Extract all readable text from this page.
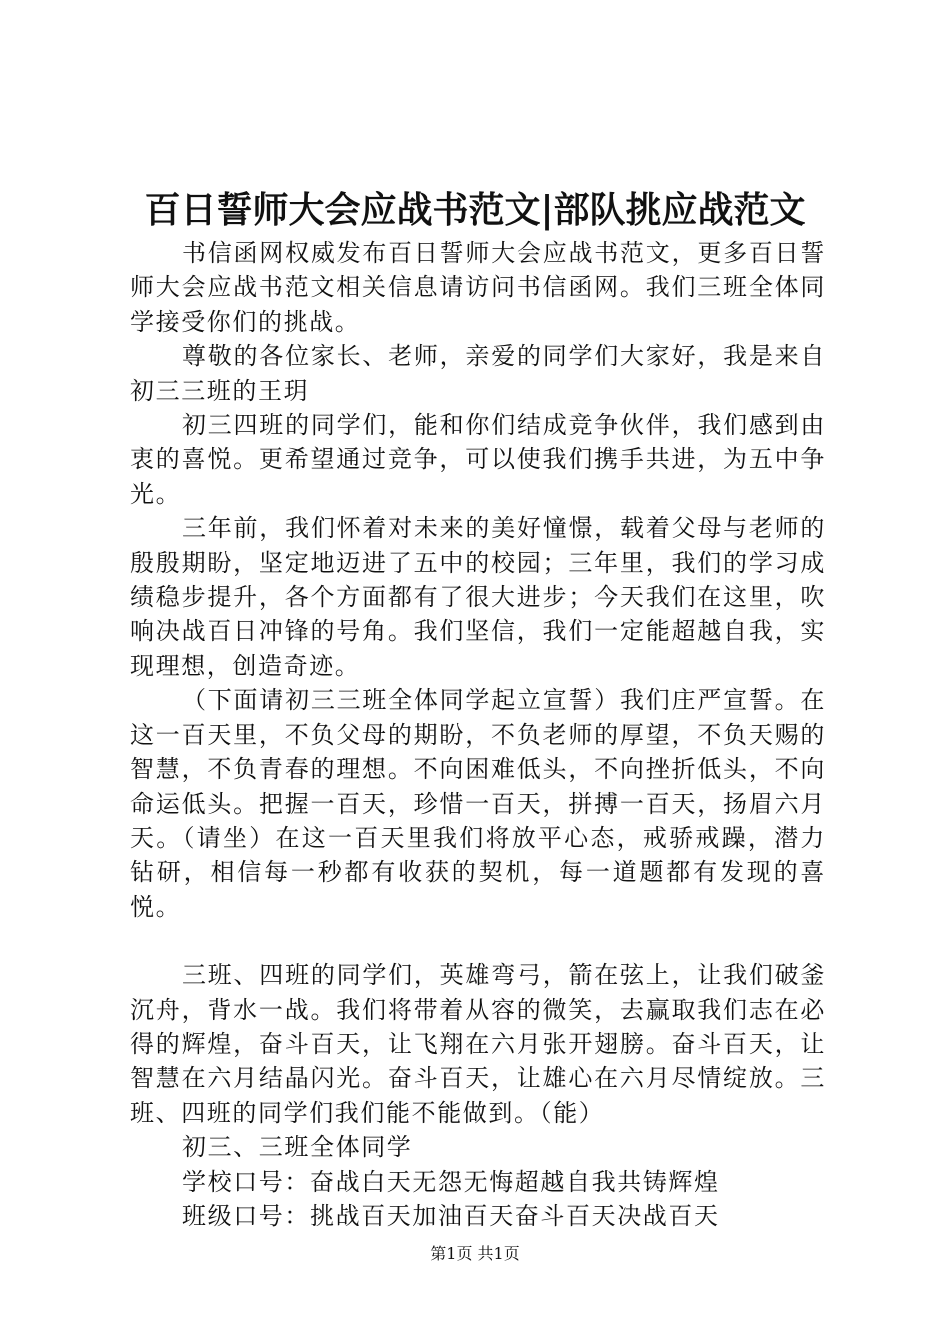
百日誓师大会应战书范文|部队挑应战范文

书信函网权威发布百日誓师大会应战书范文，更多百日誓师大会应战书范文相关信息请访问书信函网。我们三班全体同学接受你们的挑战。

尊敬的各位家长、老师，亲爱的同学们大家好，我是来自初三三班的王玥

初三四班的同学们，能和你们结成竞争伙伴，我们感到由衷的喜悦。更希望通过竞争，可以使我们携手共进，为五中争光。

三年前，我们怀着对未来的美好憧憬，载着父母与老师的殷殷期盼，坚定地迈进了五中的校园；三年里，我们的学习成绩稳步提升，各个方面都有了很大进步；今天我们在这里，吹响决战百日冲锋的号角。我们坚信，我们一定能超越自我，实现理想，创造奇迹。

（下面请初三三班全体同学起立宣誓）我们庄严宣誓。在这一百天里，不负父母的期盼，不负老师的厚望，不负天赐的智慧，不负青春的理想。不向困难低头，不向挫折低头，不向命运低头。把握一百天，珍惜一百天，拼搏一百天，扬眉六月天。（请坐）在这一百天里我们将放平心态，戒骄戒躁，潜力钻研，相信每一秒都有收获的契机，每一道题都有发现的喜悦。

三班、四班的同学们，英雄弯弓，箭在弦上，让我们破釜沉舟，背水一战。我们将带着从容的微笑，去赢取我们志在必得的辉煌，奋斗百天，让飞翔在六月张开翅膀。奋斗百天，让智慧在六月结晶闪光。奋斗百天，让雄心在六月尽情绽放。三班、四班的同学们我们能不能做到。（能）

初三、三班全体同学

学校口号：奋战白天无怨无悔超越自我共铸辉煌

班级口号：挑战百天加油百天奋斗百天决战百天

第1页 共1页
